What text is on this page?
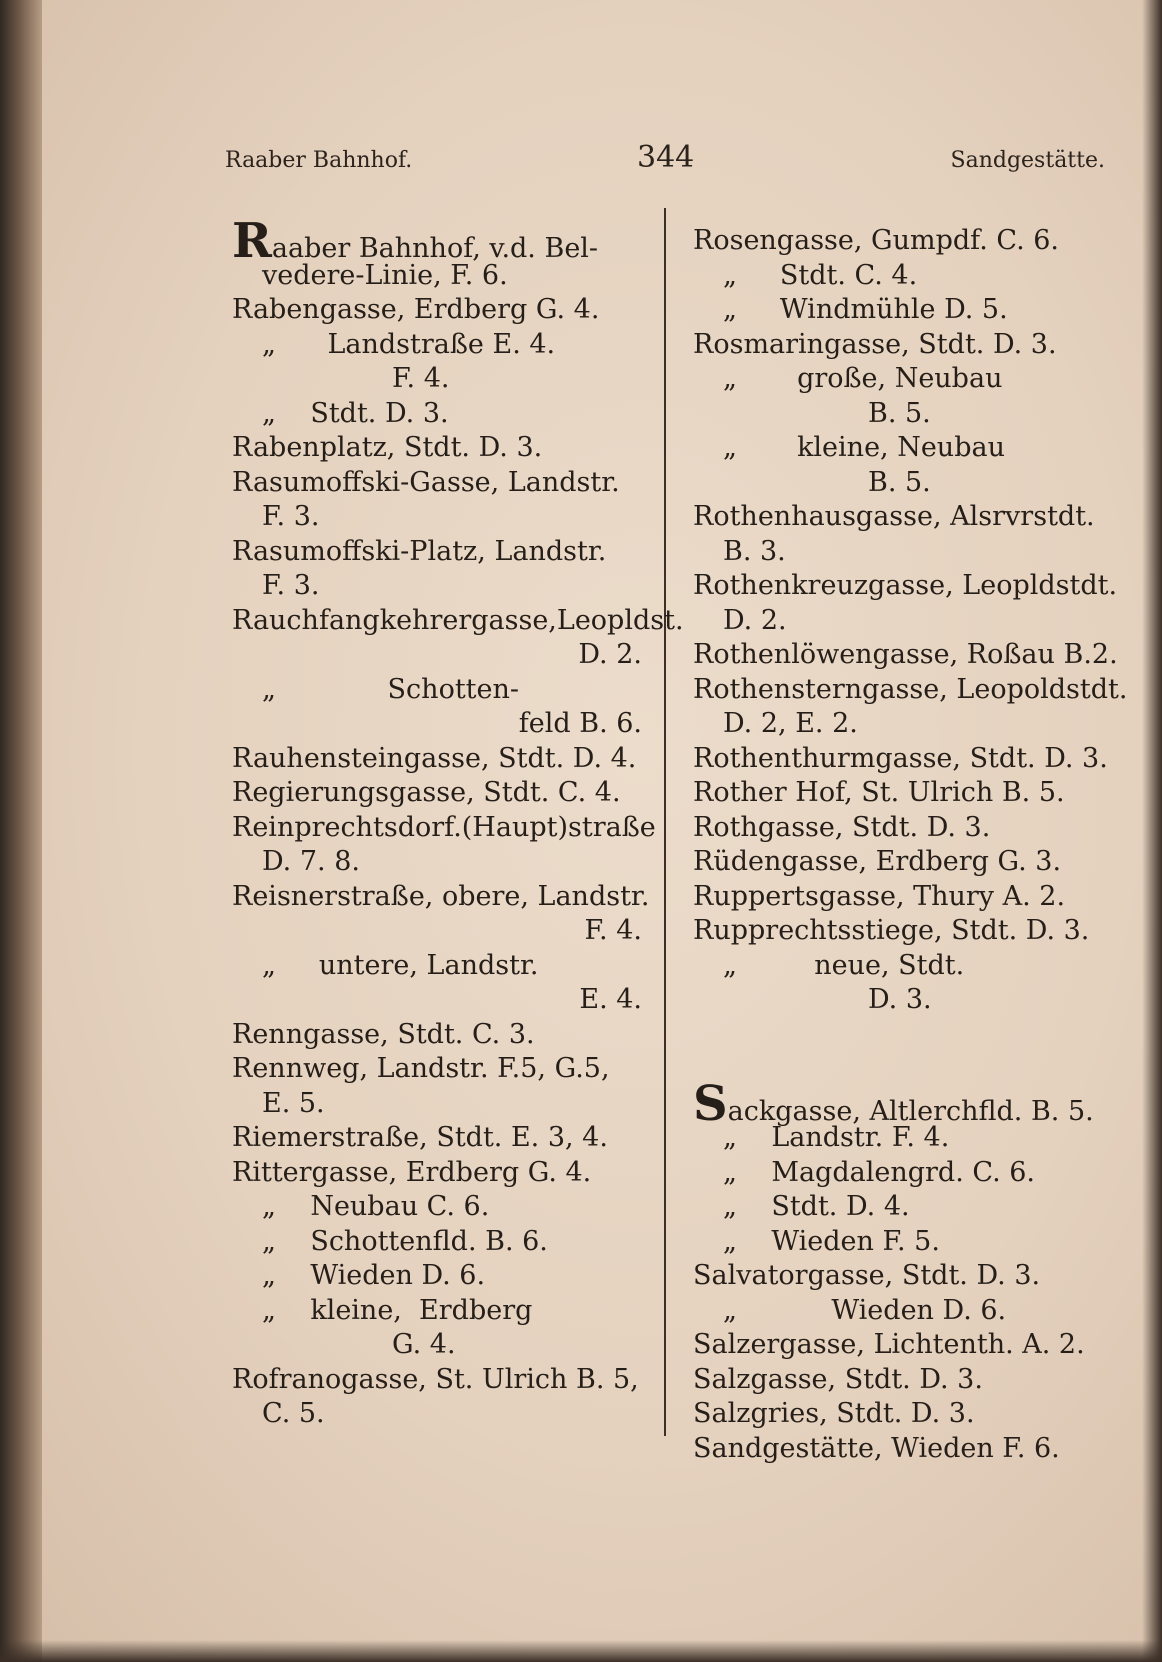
Raaber Bahnhof.	344	Sandgestätte.
Raaber Bahnhof, v.d. Bel-
vedere-Linie, F. 6.
Rabengasse, Erdberg G. 4.
„      Landstraße E. 4.
F. 4.
„    Stdt. D. 3.
Rabenplatz, Stdt. D. 3.
Rasumoffski-Gasse, Landstr.
F. 3.
Rasumoffski-Platz, Landstr.
F. 3.
Rauchfangkehrergasse,Leopldst.
D. 2.
„             Schotten-
feld B. 6.
Rauhensteingasse, Stdt. D. 4.
Regierungsgasse, Stdt. C. 4.
Reinprechtsdorf.(Haupt)straße
D. 7. 8.
Reisnerstraße, obere, Landstr.
F. 4.
„     untere, Landstr.
E. 4.
Renngasse, Stdt. C. 3.
Rennweg, Landstr. F.5, G.5,
E. 5.
Riemerstraße, Stdt. E. 3, 4.
Rittergasse, Erdberg G. 4.
„    Neubau C. 6.
„    Schottenfld. B. 6.
„    Wieden D. 6.
„    kleine,  Erdberg
G. 4.
Rofranogasse, St. Ulrich B. 5,
C. 5.
Rosengasse, Gumpdf. C. 6.
„     Stdt. C. 4.
„     Windmühle D. 5.
Rosmaringasse, Stdt. D. 3.
„       große, Neubau
B. 5.
„       kleine, Neubau
B. 5.
Rothenhausgasse, Alsrvrstdt.
B. 3.
Rothenkreuzgasse, Leopldstdt.
D. 2.
Rothenlöwengasse, Roßau B.2.
Rothensterngasse, Leopoldstdt.
D. 2, E. 2.
Rothenthurmgasse, Stdt. D. 3.
Rother Hof, St. Ulrich B. 5.
Rothgasse, Stdt. D. 3.
Rüdengasse, Erdberg G. 3.
Ruppertsgasse, Thury A. 2.
Rupprechtsstiege, Stdt. D. 3.
„         neue, Stdt.
D. 3.
Sackgasse, Altlerchfld. B. 5.
„    Landstr. F. 4.
„    Magdalengrd. C. 6.
„    Stdt. D. 4.
„    Wieden F. 5.
Salvatorgasse, Stdt. D. 3.
„           Wieden D. 6.
Salzergasse, Lichtenth. A. 2.
Salzgasse, Stdt. D. 3.
Salzgries, Stdt. D. 3.
Sandgestätte, Wieden F. 6.
